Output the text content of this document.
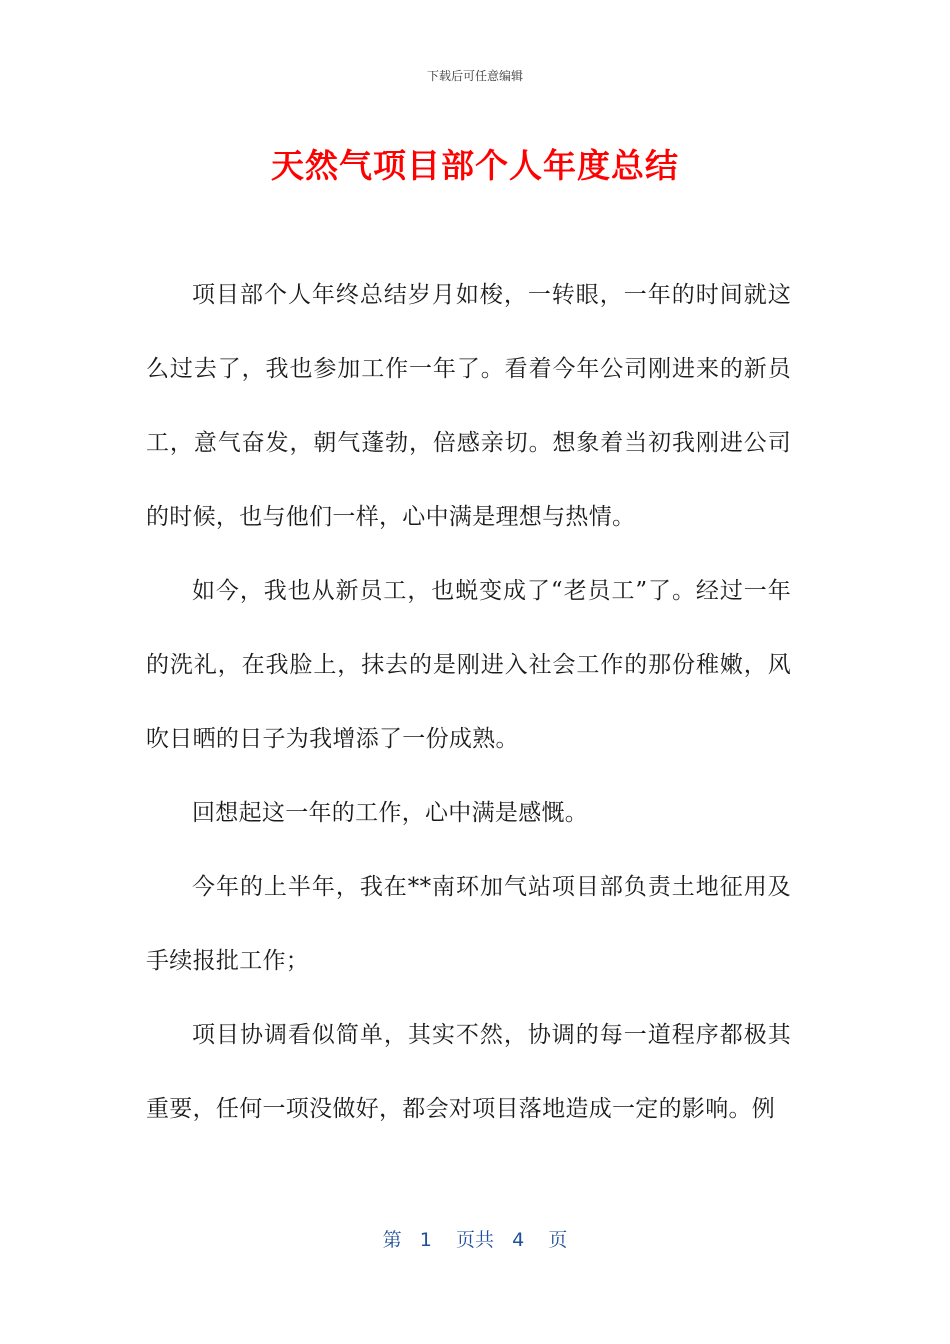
下载后可任意编辑
天然气项目部个人年度总结

项目部个人年终总结岁月如梭，一转眼，一年的时间就这么过去了，我也参加工作一年了。看着今年公司刚进来的新员工，意气奋发，朝气蓬勃，倍感亲切。想象着当初我刚进公司的时候，也与他们一样，心中满是理想与热情。

如今，我也从新员工，也蜕变成了“老员工”了。经过一年的洗礼，在我脸上，抹去的是刚进入社会工作的那份稚嫩，风吹日晒的日子为我增添了一份成熟。

回想起这一年的工作，心中满是感慨。

今年的上半年，我在**南环加气站项目部负责土地征用及手续报批工作；

项目协调看似简单，其实不然，协调的每一道程序都极其重要，任何一项没做好，都会对项目落地造成一定的影响。例

第 1 页共 4 页
